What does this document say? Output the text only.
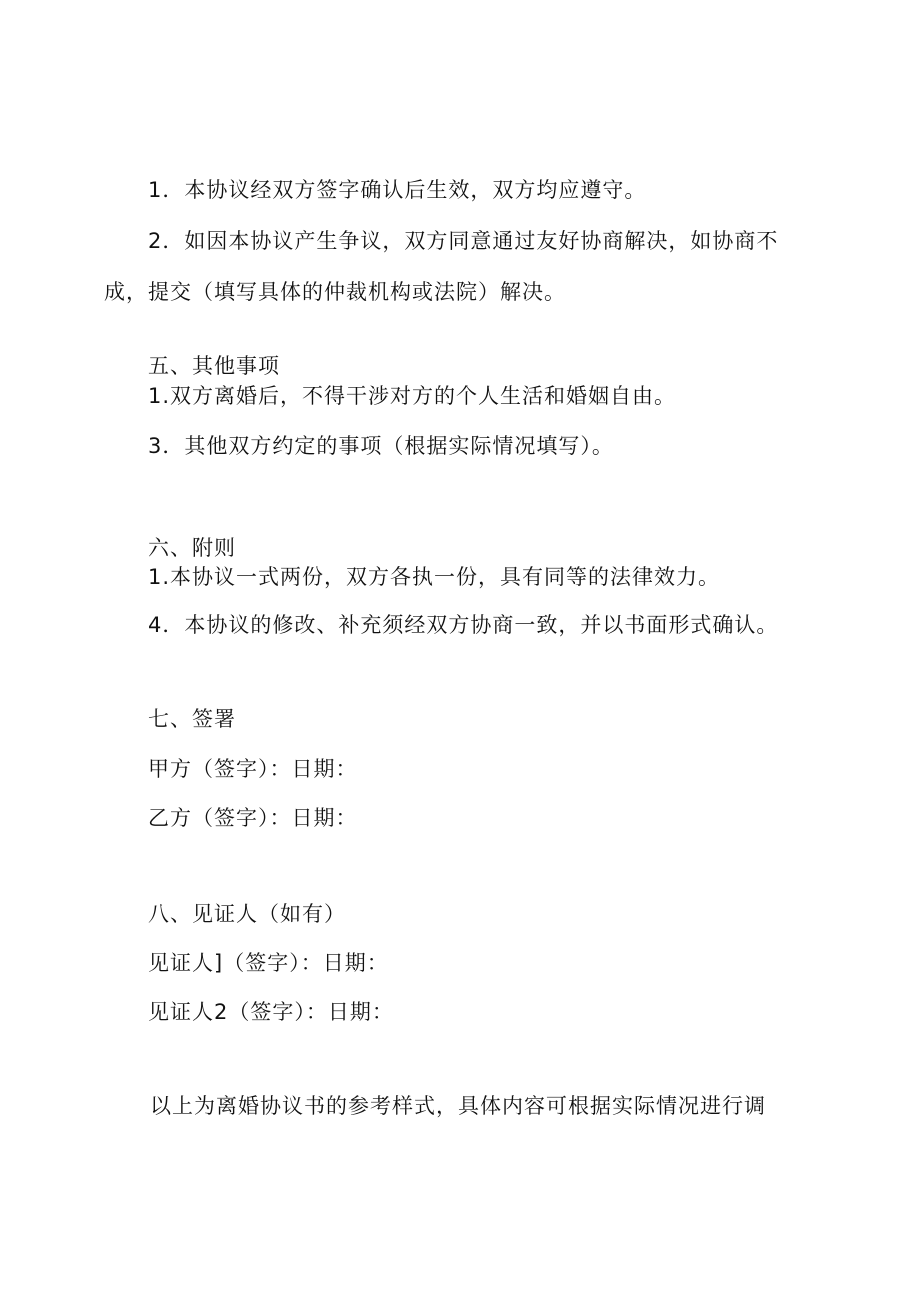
1．本协议经双方签字确认后生效，双方均应遵守。
2．如因本协议产生争议，双方同意通过友好协商解决，如协商不
成，提交（填写具体的仲裁机构或法院）解决。
五、其他事项
1.双方离婚后，不得干涉对方的个人生活和婚姻自由。
3．其他双方约定的事项（根据实际情况填写）。
六、附则
1.本协议一式两份，双方各执一份，具有同等的法律效力。
4．本协议的修改、补充须经双方协商一致，并以书面形式确认。
七、签署
甲方（签字）：日期：
乙方（签字）：日期：
八、见证人（如有）
见证人]（签字）：日期：
见证人2（签字）：日期：
以上为离婚协议书的参考样式，具体内容可根据实际情况进行调
